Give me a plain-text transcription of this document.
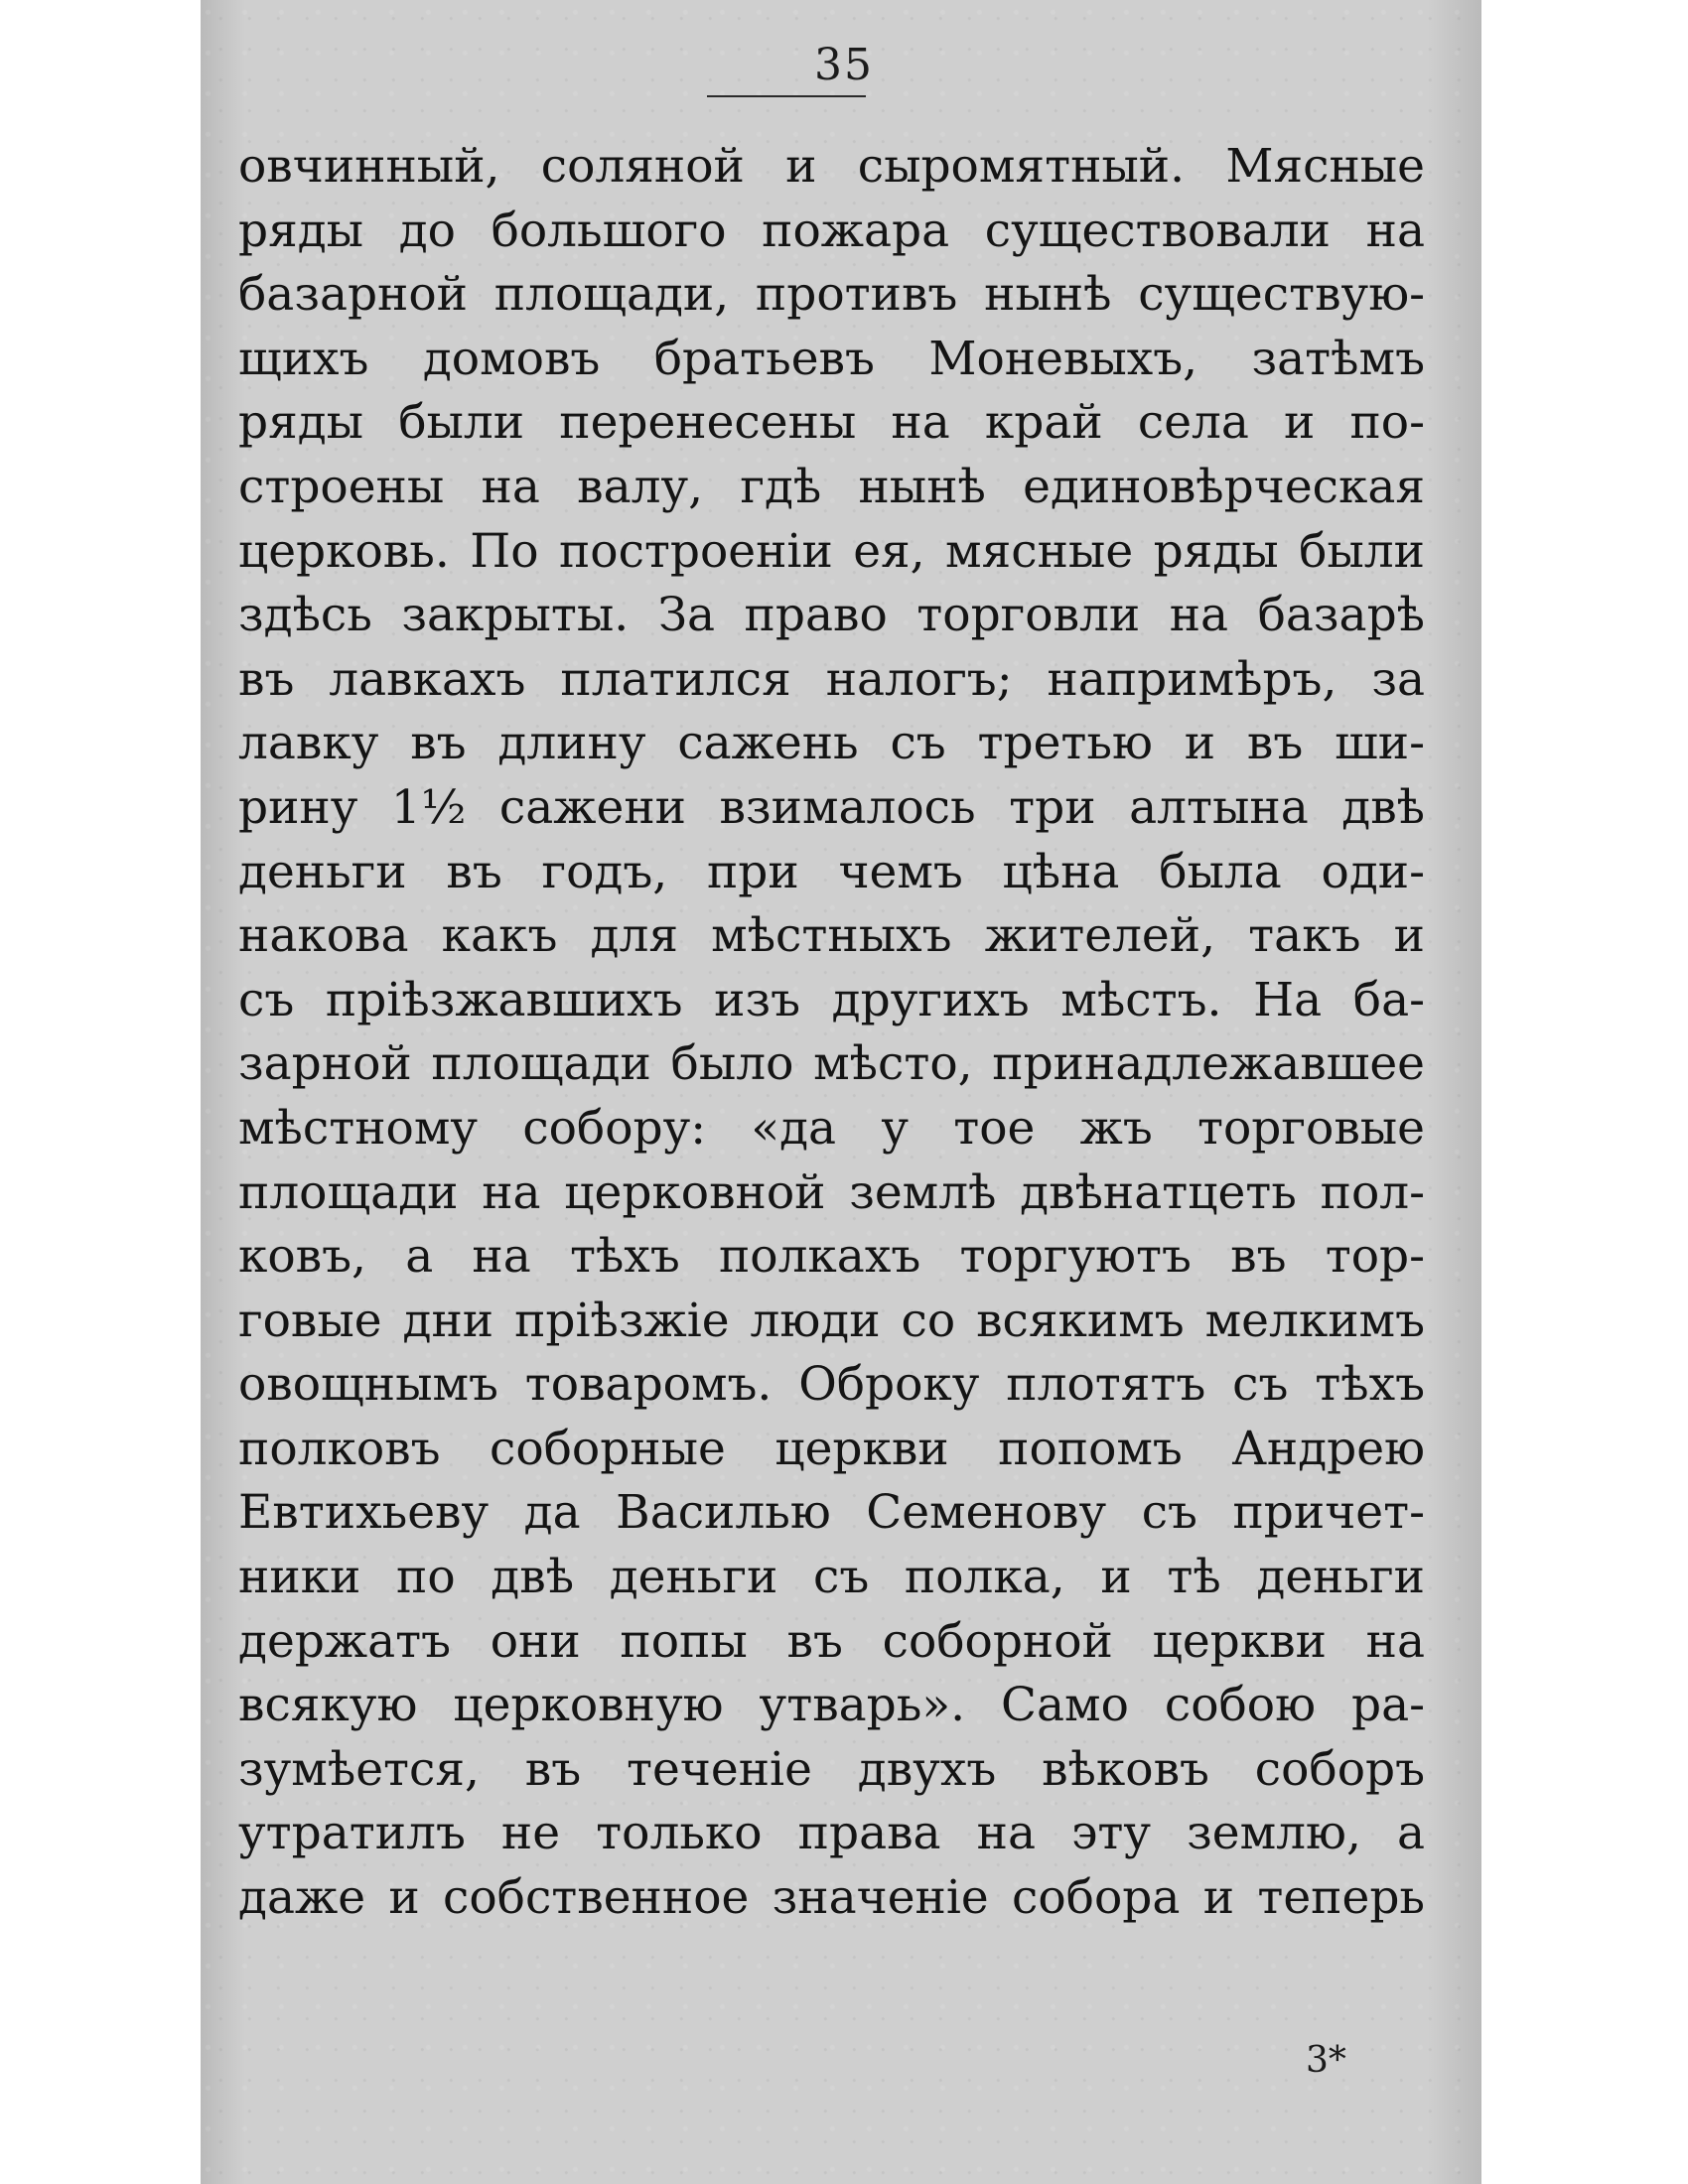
35
овчинный, соляной и сыромятный. Мясные
ряды до большого пожара существовали на
базарной площади, противъ нынѣ существую-
щихъ домовъ братьевъ Моневыхъ, затѣмъ
ряды были перенесены на край села и по-
строены на валу, гдѣ нынѣ единовѣрческая
церковь. По построенiи ея, мясные ряды были
здѣсь закрыты. За право торговли на базарѣ
въ лавкахъ платился налогъ; напримѣръ, за
лавку въ длину сажень съ третью и въ ши-
рину 1½ сажени взималось три алтына двѣ
деньги въ годъ, при чемъ цѣна была оди-
накова какъ для мѣстныхъ жителей, такъ и
съ прiѣзжавшихъ изъ другихъ мѣстъ. На ба-
зарной площади было мѣсто, принадлежавшее
мѣстному собору: «да у тое жъ торговые
площади на церковной землѣ двѣнатцеть пол-
ковъ, а на тѣхъ полкахъ торгуютъ въ тор-
говые дни прiѣзжiе люди со всякимъ мелкимъ
овощнымъ товаромъ. Оброку плотятъ съ тѣхъ
полковъ соборные церкви попомъ Андрею
Евтихьеву да Василью Семенову съ причет-
ники по двѣ деньги съ полка, и тѣ деньги
держатъ они попы въ соборной церкви на
всякую церковную утварь». Само собою ра-
зумѣется, въ теченiе двухъ вѣковъ соборъ
утратилъ не только права на эту землю, а
даже и собственное значенiе собора и теперь
3*
